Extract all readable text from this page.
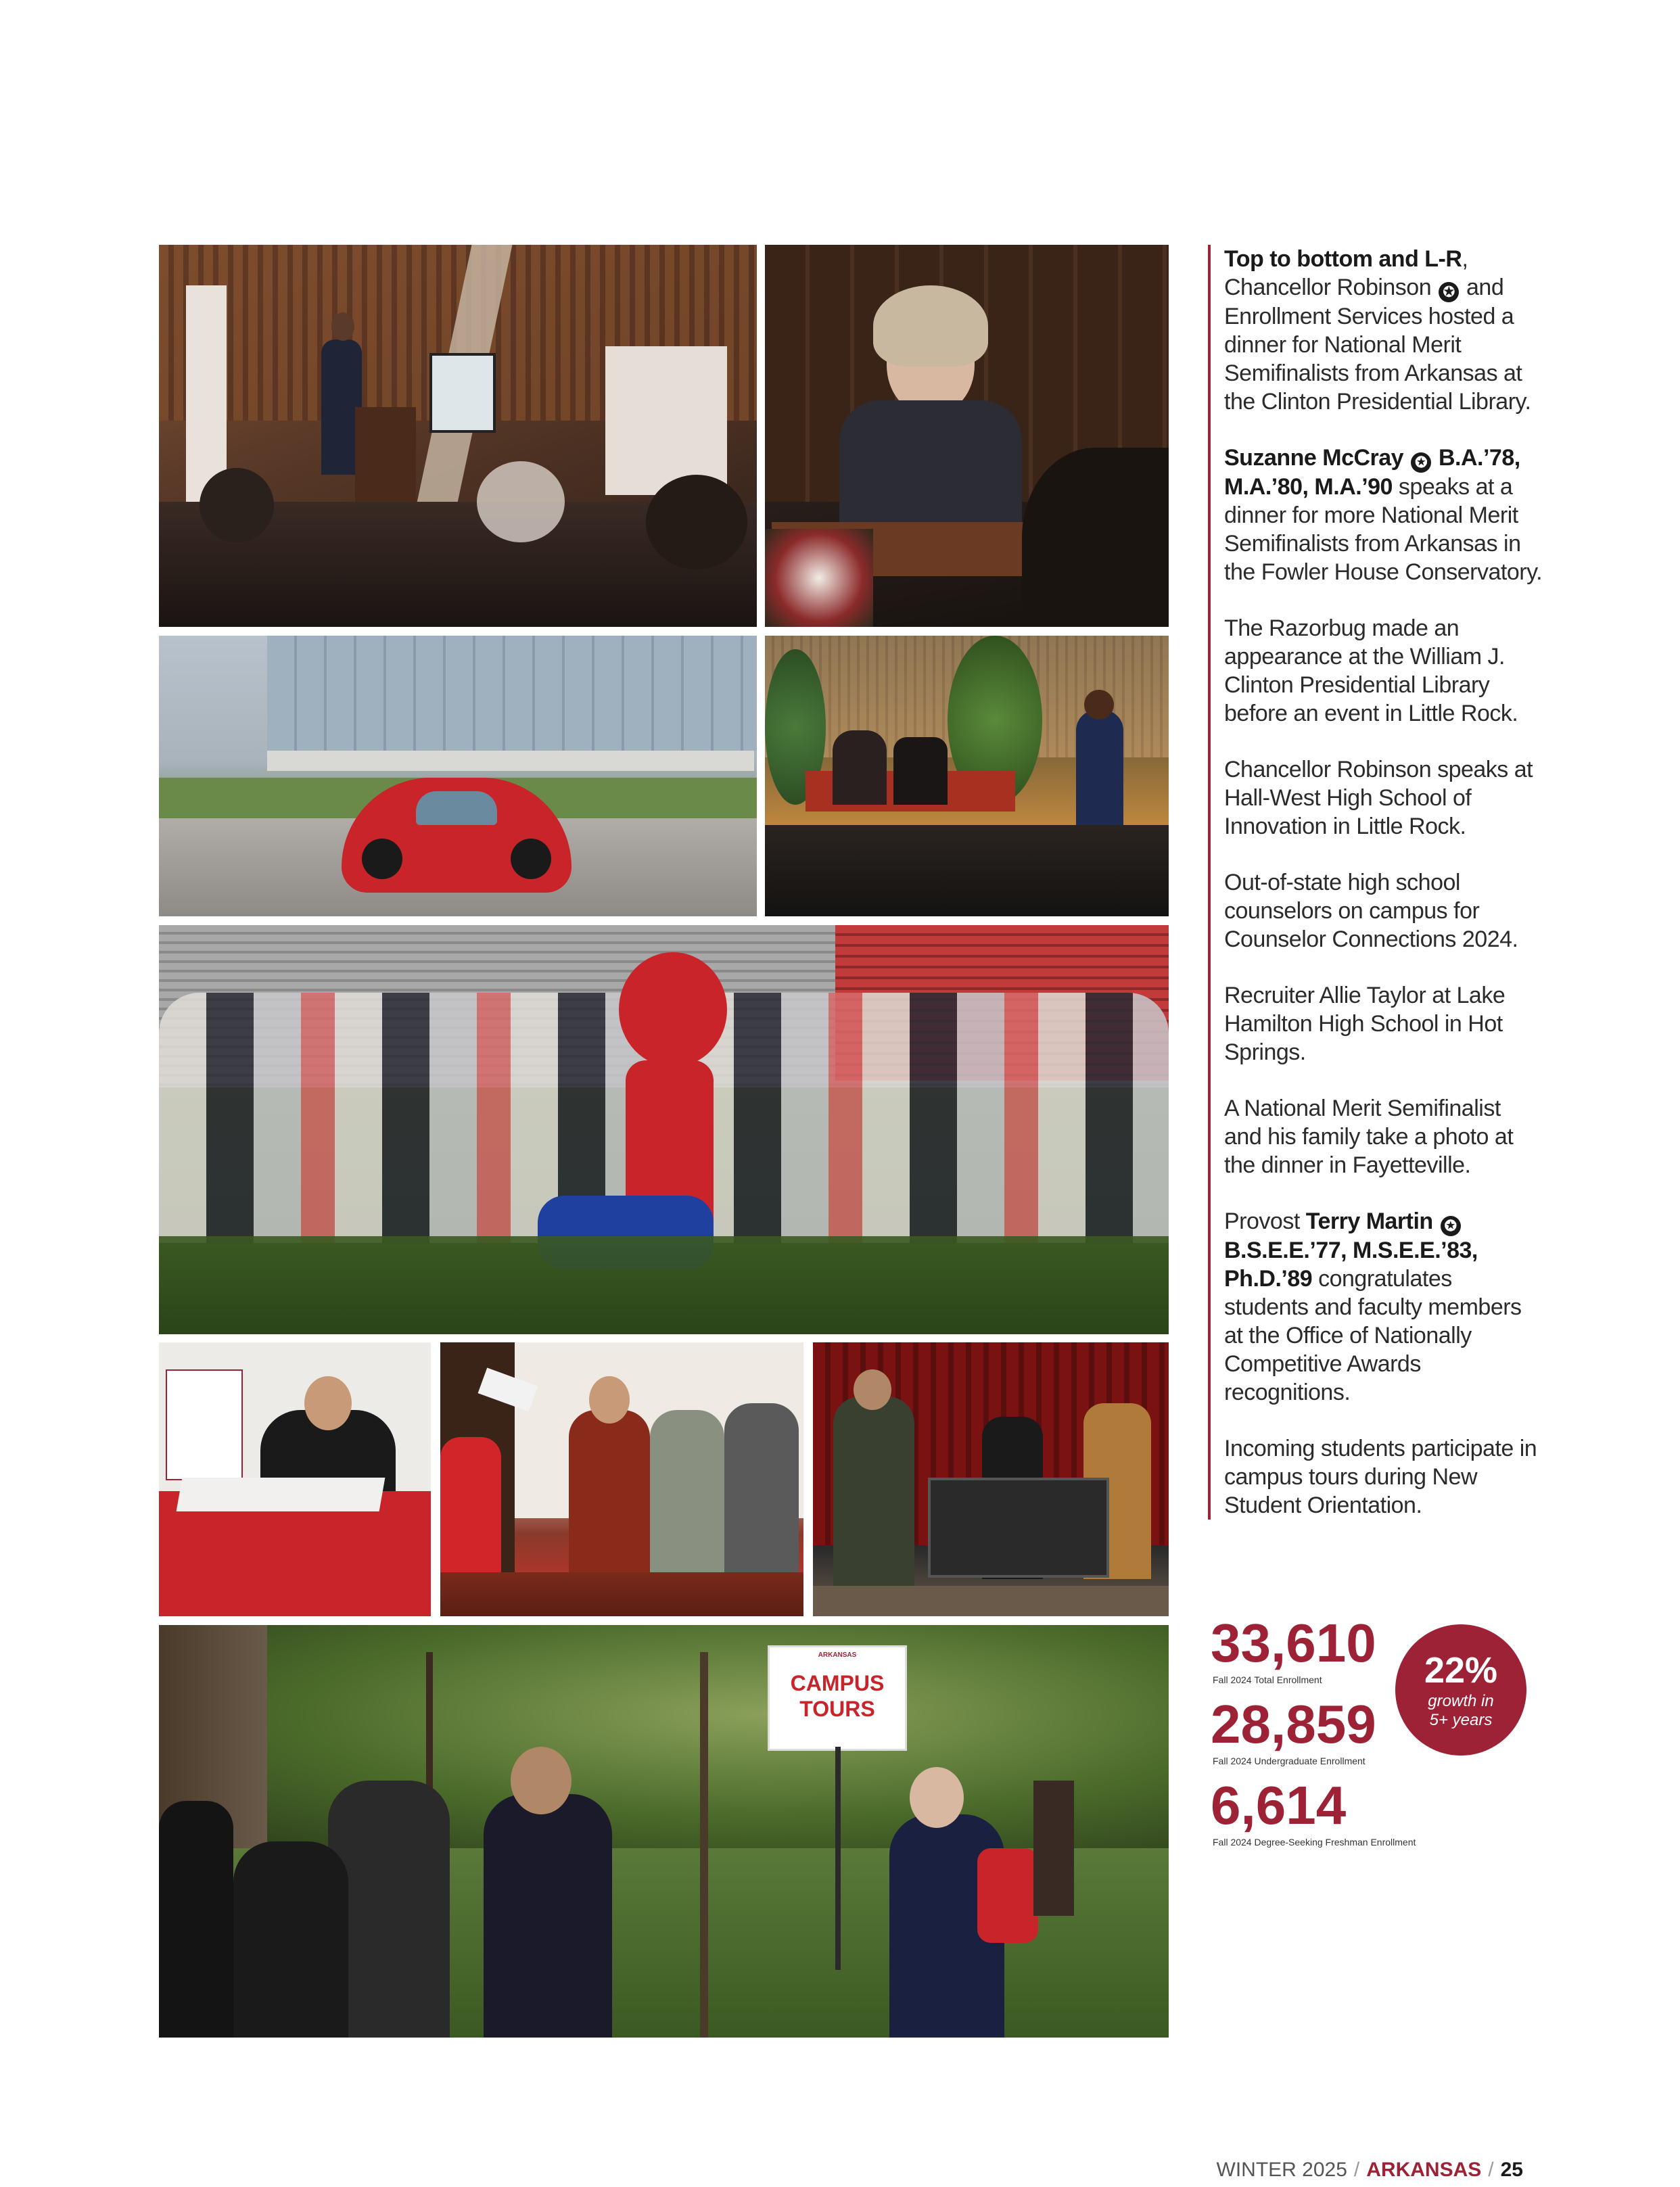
ARKANSAS
CAMPUS TOURS

Top to bottom and L-R, Chancellor Robinson ✪ and Enrollment Services hosted a dinner for National Merit Semifinalists from Arkansas at the Clinton Presidential Library.

Suzanne McCray ✪ B.A.’78, M.A.’80, M.A.’90 speaks at a dinner for more National Merit Semifinalists from Arkansas in the Fowler House Conservatory.

The Razorbug made an appearance at the William J. Clinton Presidential Library before an event in Little Rock.

Chancellor Robinson speaks at Hall-West High School of Innovation in Little Rock.

Out-of-state high school counselors on campus for Counselor Connections 2024.

Recruiter Allie Taylor at Lake Hamilton High School in Hot Springs.

A National Merit Semifinalist and his family take a photo at the dinner in Fayetteville.

Provost Terry Martin ✪ B.S.E.E.’77, M.S.E.E.’83, Ph.D.’89 congratulates students and faculty members at the Office of Nationally Competitive Awards recognitions.

Incoming students participate in campus tours during New Student Orientation.

33,610
Fall 2024 Total Enrollment
28,859
Fall 2024 Undergraduate Enrollment
6,614
Fall 2024 Degree-Seeking Freshman Enrollment
22%
growth in
5+ years
WINTER 2025 / ARKANSAS / 25
